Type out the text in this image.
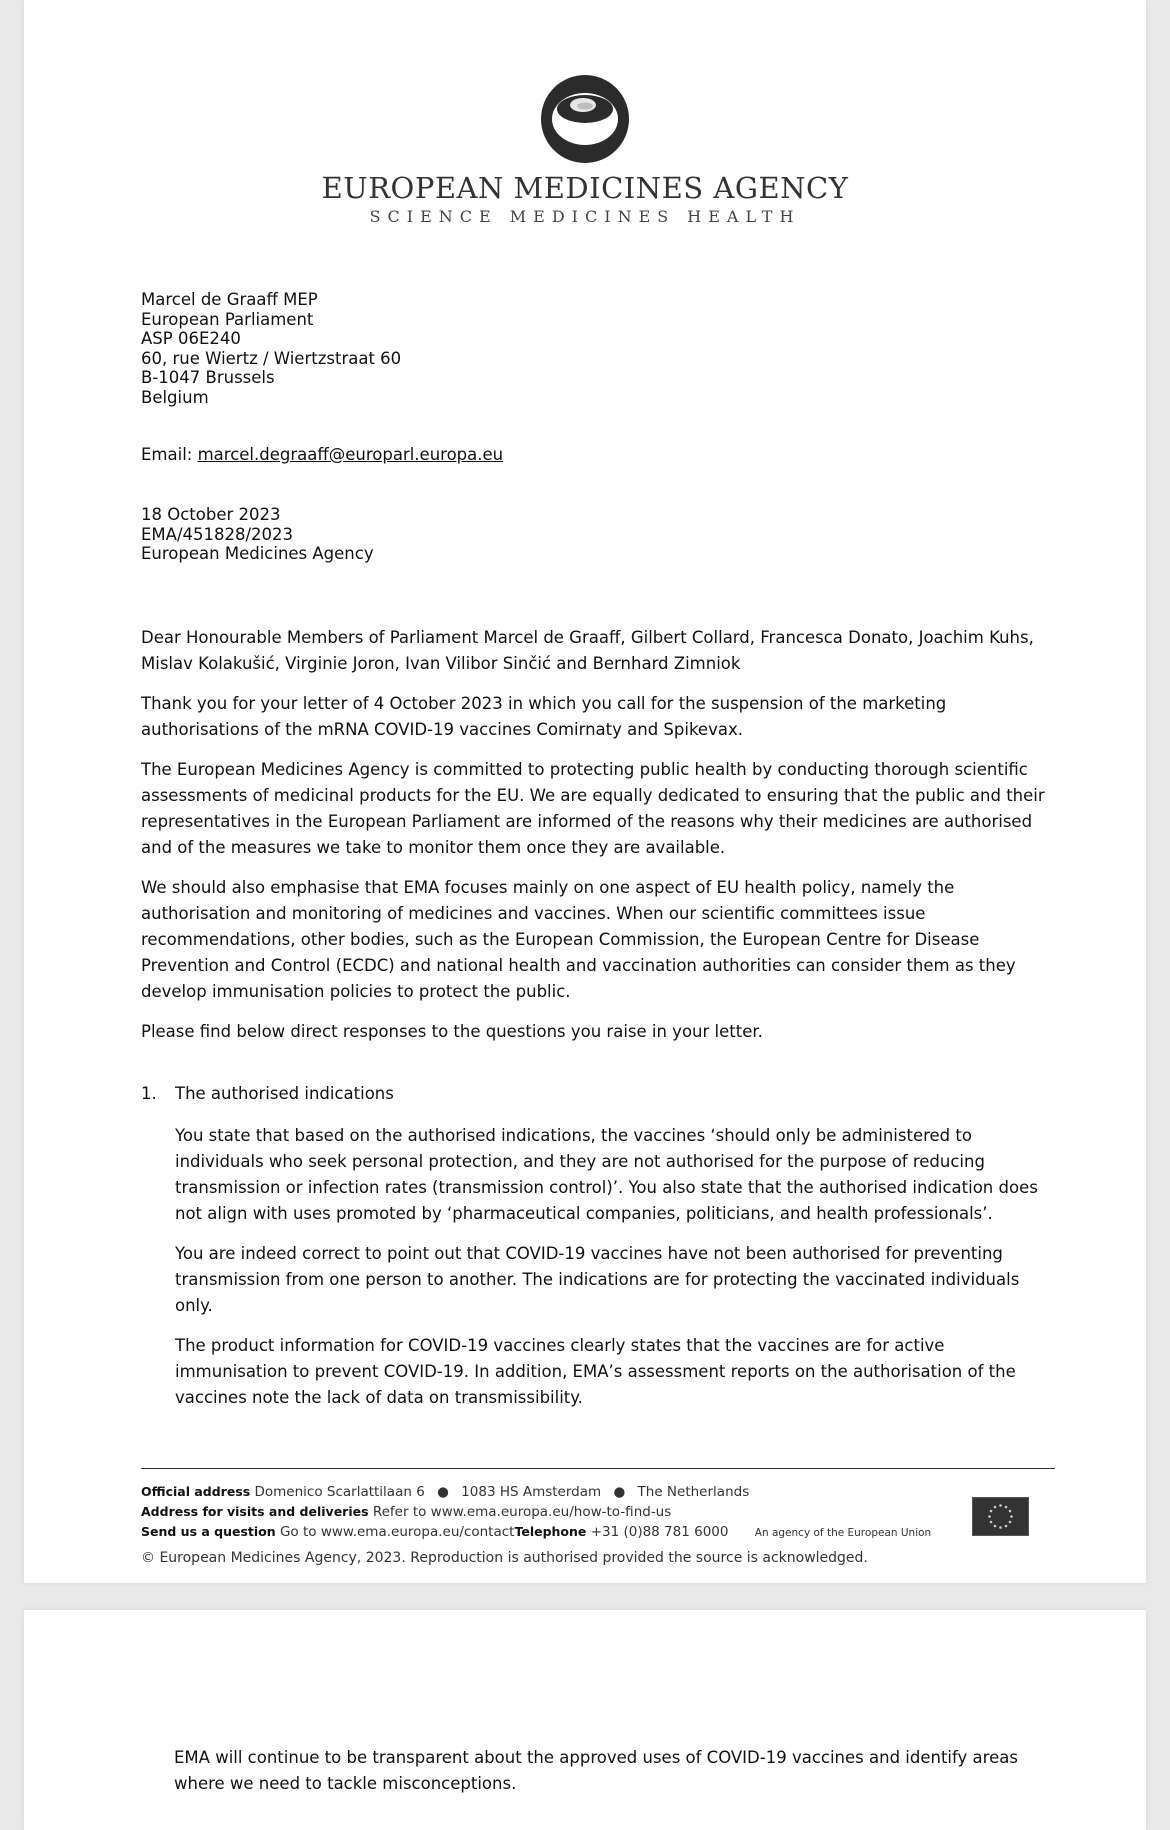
EUROPEAN MEDICINES AGENCY
SCIENCE MEDICINES HEALTH
Marcel de Graaff MEP
European Parliament
ASP 06E240
60, rue Wiertz / Wiertzstraat 60
B-1047 Brussels
Belgium
Email: marcel.degraaff@europarl.europa.eu
18 October 2023
EMA/451828/2023
European Medicines Agency

Dear Honourable Members of Parliament Marcel de Graaff, Gilbert Collard, Francesca Donato, Joachim Kuhs, Mislav Kolakušić, Virginie Joron, Ivan Vilibor Sinčić and Bernhard Zimniok

Thank you for your letter of 4 October 2023 in which you call for the suspension of the marketing authorisations of the mRNA COVID-19 vaccines Comirnaty and Spikevax.

The European Medicines Agency is committed to protecting public health by conducting thorough scientific assessments of medicinal products for the EU. We are equally dedicated to ensuring that the public and their representatives in the European Parliament are informed of the reasons why their medicines are authorised and of the measures we take to monitor them once they are available.

We should also emphasise that EMA focuses mainly on one aspect of EU health policy, namely the authorisation and monitoring of medicines and vaccines. When our scientific committees issue recommendations, other bodies, such as the European Commission, the European Centre for Disease Prevention and Control (ECDC) and national health and vaccination authorities can consider them as they develop immunisation policies to protect the public.

Please find below direct responses to the questions you raise in your letter.

1.	The authorised indications

You state that based on the authorised indications, the vaccines ‘should only be administered to individuals who seek personal protection, and they are not authorised for the purpose of reducing transmission or infection rates (transmission control)’. You also state that the authorised indication does not align with uses promoted by ‘pharmaceutical companies, politicians, and health professionals’.

You are indeed correct to point out that COVID-19 vaccines have not been authorised for preventing transmission from one person to another. The indications are for protecting the vaccinated individuals only.

The product information for COVID-19 vaccines clearly states that the vaccines are for active immunisation to prevent COVID-19. In addition, EMA’s assessment reports on the authorisation of the vaccines note the lack of data on transmissibility.

Official address Domenico Scarlattilaan 6 ● 1083 HS Amsterdam ● The Netherlands
Address for visits and deliveries Refer to www.ema.europa.eu/how-to-find-us
Send us a question Go to www.ema.europa.eu/contactTelephone +31 (0)88 781 6000	An agency of the European Union
© European Medicines Agency, 2023. Reproduction is authorised provided the source is acknowledged.
EMA will continue to be transparent about the approved uses of COVID-19 vaccines and identify areas where we need to tackle misconceptions.
